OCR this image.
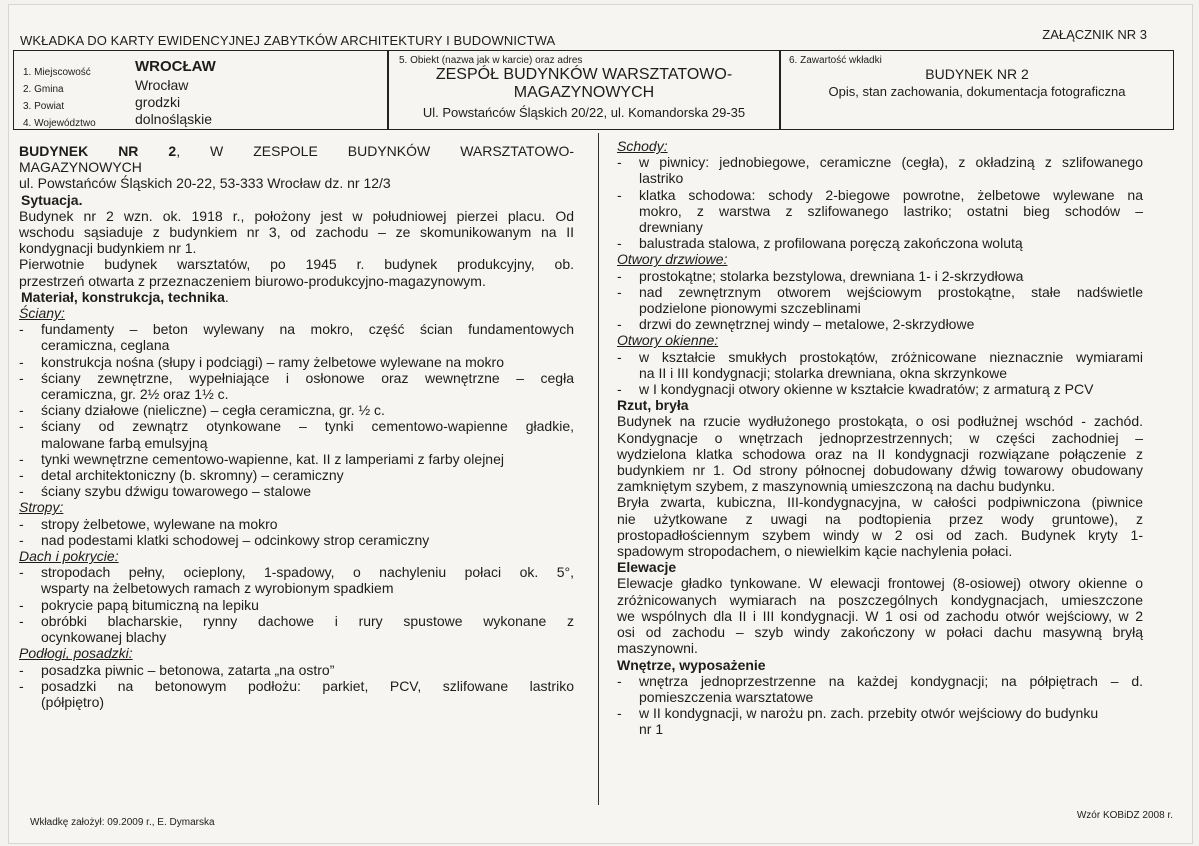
WKŁADKA DO KARTY EWIDENCYJNEJ ZABYTKÓW ARCHITEKTURY I BUDOWNICTWA	ZAŁĄCZNIK NR 3
1. Miejscowość	WROCŁAW
2. Gmina	Wrocław
3. Powiat	grodzki
4. Województwo	dolnośląskie
5. Obiekt (nazwa jak w karcie) oraz adres
ZESPÓŁ BUDYNKÓW WARSZTATOWO-
MAGAZYNOWYCH
Ul. Powstańców Śląskich 20/22, ul. Komandorska 29-35
6. Zawartość wkładki
BUDYNEK NR 2
Opis, stan zachowania, dokumentacja fotograficzna
BUDYNEK NR 2, W ZESPOLE BUDYNKÓW WARSZTATOWO-
MAGAZYNOWYCH
ul. Powstańców Śląskich 20-22, 53-333 Wrocław dz. nr 12/3
Sytuacja.
Budynek nr 2 wzn. ok. 1918 r., położony jest w południowej pierzei placu. Od
wschodu sąsiaduje z budynkiem nr 3, od zachodu – ze skomunikowanym na II
kondygnacji budynkiem nr 1.
Pierwotnie budynek warsztatów, po 1945 r. budynek produkcyjny, ob.
przestrzeń otwarta z przeznaczeniem biurowo-produkcyjno-magazynowym.
Materiał, konstrukcja, technika.
Ściany:
- fundamenty – beton wylewany na mokro, część ścian fundamentowych
ceramiczna, ceglana
- konstrukcja nośna (słupy i podciągi) – ramy żelbetowe wylewane na mokro
- ściany zewnętrzne, wypełniające i osłonowe oraz wewnętrzne – cegła
ceramiczna, gr. 2½ oraz 1½ c.
- ściany działowe (nieliczne) – cegła ceramiczna, gr. ½ c.
- ściany od zewnątrz otynkowane – tynki cementowo-wapienne gładkie,
malowane farbą emulsyjną
- tynki wewnętrzne cementowo-wapienne, kat. II z lamperiami z farby olejnej
- detal architektoniczny (b. skromny) – ceramiczny
- ściany szybu dźwigu towarowego – stalowe
Stropy:
- stropy żelbetowe, wylewane na mokro
- nad podestami klatki schodowej – odcinkowy strop ceramiczny
Dach i pokrycie:
- stropodach pełny, ocieplony, 1-spadowy, o nachyleniu połaci ok. 5°,
wsparty na żelbetowych ramach z wyrobionym spadkiem
- pokrycie papą bitumiczną na lepiku
- obróbki blacharskie, rynny dachowe i rury spustowe wykonane z
ocynkowanej blachy
Podłogi, posadzki:
- posadzka piwnic – betonowa, zatarta „na ostro”
- posadzki na betonowym podłożu: parkiet, PCV, szlifowane lastriko
(półpiętro)
Schody:
- w piwnicy: jednobiegowe, ceramiczne (cegła), z okładziną z szlifowanego
lastriko
- klatka schodowa: schody 2-biegowe powrotne, żelbetowe wylewane na
mokro, z warstwa z szlifowanego lastriko; ostatni bieg schodów –
drewniany
- balustrada stalowa, z profilowana poręczą zakończona wolutą
Otwory drzwiowe:
- prostokątne; stolarka bezstylowa, drewniana 1- i 2-skrzydłowa
- nad zewnętrznym otworem wejściowym prostokątne, stałe nadświetle
podzielone pionowymi szczeblinami
- drzwi do zewnętrznej windy – metalowe, 2-skrzydłowe
Otwory okienne:
- w kształcie smukłych prostokątów, zróżnicowane nieznacznie wymiarami
na II i III kondygnacji; stolarka drewniana, okna skrzynkowe
- w I kondygnacji otwory okienne w kształcie kwadratów; z armaturą z PCV
Rzut, bryła
Budynek na rzucie wydłużonego prostokąta, o osi podłużnej wschód - zachód.
Kondygnacje o wnętrzach jednoprzestrzennych; w części zachodniej –
wydzielona klatka schodowa oraz na II kondygnacji rozwiązane połączenie z
budynkiem nr 1. Od strony północnej dobudowany dźwig towarowy obudowany
zamkniętym szybem, z maszynownią umieszczoną na dachu budynku.
Bryła zwarta, kubiczna, III-kondygnacyjna, w całości podpiwniczona (piwnice
nie użytkowane z uwagi na podtopienia przez wody gruntowe), z
prostopadłościennym szybem windy w 2 osi od zach. Budynek kryty 1-
spadowym stropodachem, o niewielkim kącie nachylenia połaci.
Elewacje
Elewacje gładko tynkowane. W elewacji frontowej (8-osiowej) otwory okienne o
zróżnicowanych wymiarach na poszczególnych kondygnacjach, umieszczone
we wspólnych dla II i III kondygnacji. W 1 osi od zachodu otwór wejściowy, w 2
osi od zachodu – szyb windy zakończony w połaci dachu masywną bryłą
maszynowni.
Wnętrze, wyposażenie
- wnętrza jednoprzestrzenne na każdej kondygnacji; na półpiętrach – d.
pomieszczenia warsztatowe
- w II kondygnacji, w narożu pn. zach. przebity otwór wejściowy do budynku
nr 1
Wkładkę założył: 09.2009 r., E. Dymarska
Wzór KOBiDZ 2008 r.
